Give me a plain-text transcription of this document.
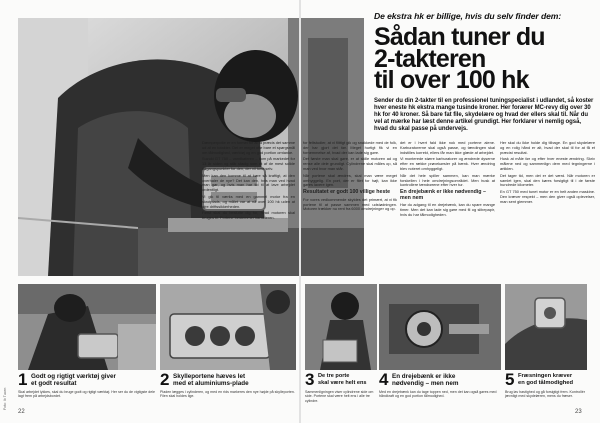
Foto: Ib Tuxen
De ekstra hk er billige, hvis du selv finder dem:
Sådan tuner du
2-takteren
til over 100 hk
Sender du din 2-takter til en professionel tuningspecialist i udlandet, så koster hver eneste hk ekstra mange tusinde kroner. Her forærer MC-revy dig over 30 hk for 40 kroner. Så bare fat file, skydelære og hvad der ellers skal til. Når du vel at mærke har læst denne artikel grundigt. Her forklarer vi nemlig også, hvad du skal passe på undervejs.

Dæmperpotte er en formel for at få præcis det samme ud af en totakter. Det er meget ofte bare et spørgsmål om tålmodighed, værktøj og en god portion omtanke.

Suzuki GT 750 – vandkøleren – kom på markedet for 13 år siden og står stadig som et af de mest solide udgangspunkter for den, der vil tune selv.

Men kan den komme til at køre så kraftigt, at den overhaler de nye? Det kan den, hvis man ved hvad man gør, og hvis man har tid til at lave arbejdet ordentligt.

Vi gik til værks med en gammel motor fra en skrotplads, og målet var at nå over 100 hk uden at ofre driftssikkerheden.

Først skal du beslutte dig for, hvad motoren skal bruges til. Portene bestemmer karakteren.

for feltstudier, at vi flittigt gik og snakkede med de folk, der har gjort det før. Meget hurtigt fik vi en fornemmelse af, hvad der kan lade sig gøre.

Det første man skal gøre, er at skille motoren ad og rense alle dele grundigt. Cylindrene skal måles op, så man ved hvor man står.

Når portene skal ændres, skal man være meget omhyggelig. En port, der er filet for højt, kan ikke gøres lavere igen.

Resultatet er godt 100 villige heste

For vores vedkommende skyldes det primært, at vi fik portene til at passe sammen med udstødningen. Motoren trækker nu rent fra 6000 omdrejninger og op.

det er i hvert fald ikke nok med portene alene. Karburatorerne skal også passe, og tændingen skal indstilles korrekt, ellers får man ikke glæde af arbejdet.

Vi monterede større karburatorer og ændrede dyserne efter en række prøvekørsler på bænk. Hver ændring blev noteret omhyggeligt.

Når det hele spiller sammen, kan man mærke forskellen i hele omdrejningsområdet. Men husk at kontrollere tændrørene efter hver tur.

En drejebænk er ikke nødvendig – men nem

Har du adgang til en drejebænk, kan du spare mange timer. Men det kan lade sig gøre med fil og slibepapir, hvis du har tålmodigheden.

Her skal du ikke holde dig tilbage. En god skydelære og en rolig hånd er alt, hvad der skal til for at få et præcist resultat.

Husk at måle før og efter hver eneste ændring. Skriv målene ned og sammenlign dem med tegningerne i artiklen.

Det tager tid, men det er det værd. Når motoren er samlet igen, skal den køres forsigtigt til i de første hundrede kilometer.

En GT 750 med tunet motor er en helt anden maskine. Den kræver respekt – men den giver også oplevelser, man sent glemmer.

1 Godt og rigtigt værktøj giver
et godt resultat
Skal arbejdet lykkes, skal du bruge godt og rigtigt værktøj. Her ser du de vigtigste dele lagt frem på arbejdsbordet.
2 Skylleportene hæves let
med et aluminiums-plade
Pladen lægges i cylinderen, og med en rids markeres den nye højde på skylleporten. Filen skal holdes lige.
3 De tre porte
skal være helt ens
Sammenligningen viser cylindrene side om side. Portene skal være helt ens i alle tre cylindre.
4 En drejebænk er ikke
nødvendig – men nem
Med en drejebænk kan du tage toppen ned, men det kan også gøres med håndkraft og en god portion tålmodighed.
5 Fræsningen kræver
en god tålmodighed
Brug lav hastighed og gå forsigtigt frem. Kontrollér jævnligt med skydelæren, mens du fræser.
22	23
